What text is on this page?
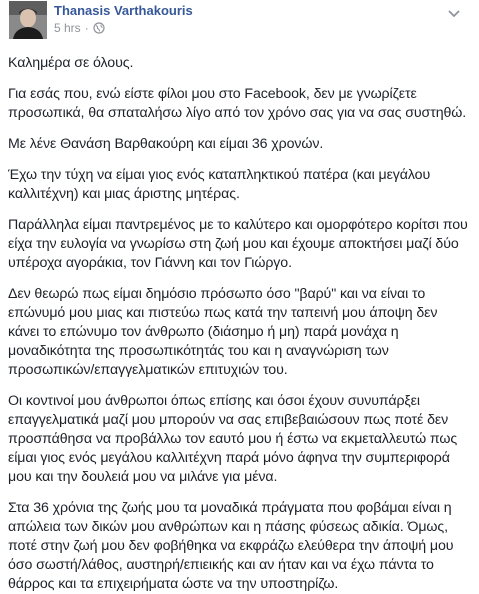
Thanasis Varthakouris
5 hrs ·

Καλημέρα σε όλους.

Για εσάς που, ενώ είστε φίλοι μου στο Facebook, δεν με γνωρίζετε προσωπικά, θα σπαταλήσω λίγο από τον χρόνο σας για να σας συστηθώ.

Με λένε Θανάση Βαρθακούρη και είμαι 36 χρονών.

Έχω την τύχη να είμαι γιος ενός καταπληκτικού πατέρα (και μεγάλου καλλιτέχνη) και μιας άριστης μητέρας.

Παράλληλα είμαι παντρεμένος με το καλύτερο και ομορφότερο κορίτσι που είχα την ευλογία να γνωρίσω στη ζωή μου και έχουμε αποκτήσει μαζί δύο υπέροχα αγοράκια, τον Γιάννη και τον Γιώργο.

Δεν θεωρώ πως είμαι δημόσιο πρόσωπο όσο "βαρύ" και να είναι το επώνυμό μου μιας και πιστεύω πως κατά την ταπεινή μου άποψη δεν κάνει το επώνυμο τον άνθρωπο (διάσημο ή μη) παρά μονάχα η μοναδικότητα της προσωπικότητάς του και η αναγνώριση των προσωπικών/επαγγελματικών επιτυχιών του.

Οι κοντινοί μου άνθρωποι όπως επίσης και όσοι έχουν συνυπάρξει επαγγελματικά μαζί μου μπορούν να σας επιβεβαιώσουν πως ποτέ δεν προσπάθησα να προβάλλω τον εαυτό μου ή έστω να εκμεταλλευτώ πως είμαι γιος ενός μεγάλου καλλιτέχνη παρά μόνο άφηνα την συμπεριφορά μου και την δουλειά μου να μιλάνε για μένα.

Στα 36 χρόνια της ζωής μου τα μοναδικά πράγματα που φοβάμαι είναι η απώλεια των δικών μου ανθρώπων και η πάσης φύσεως αδικία. Όμως, ποτέ στην ζωή μου δεν φοβήθηκα να εκφράζω ελεύθερα την άποψή μου όσο σωστή/λάθος, αυστηρή/επιεικής και αν ήταν και να έχω πάντα το θάρρος και τα επιχειρήματα ώστε να την υποστηρίζω.
